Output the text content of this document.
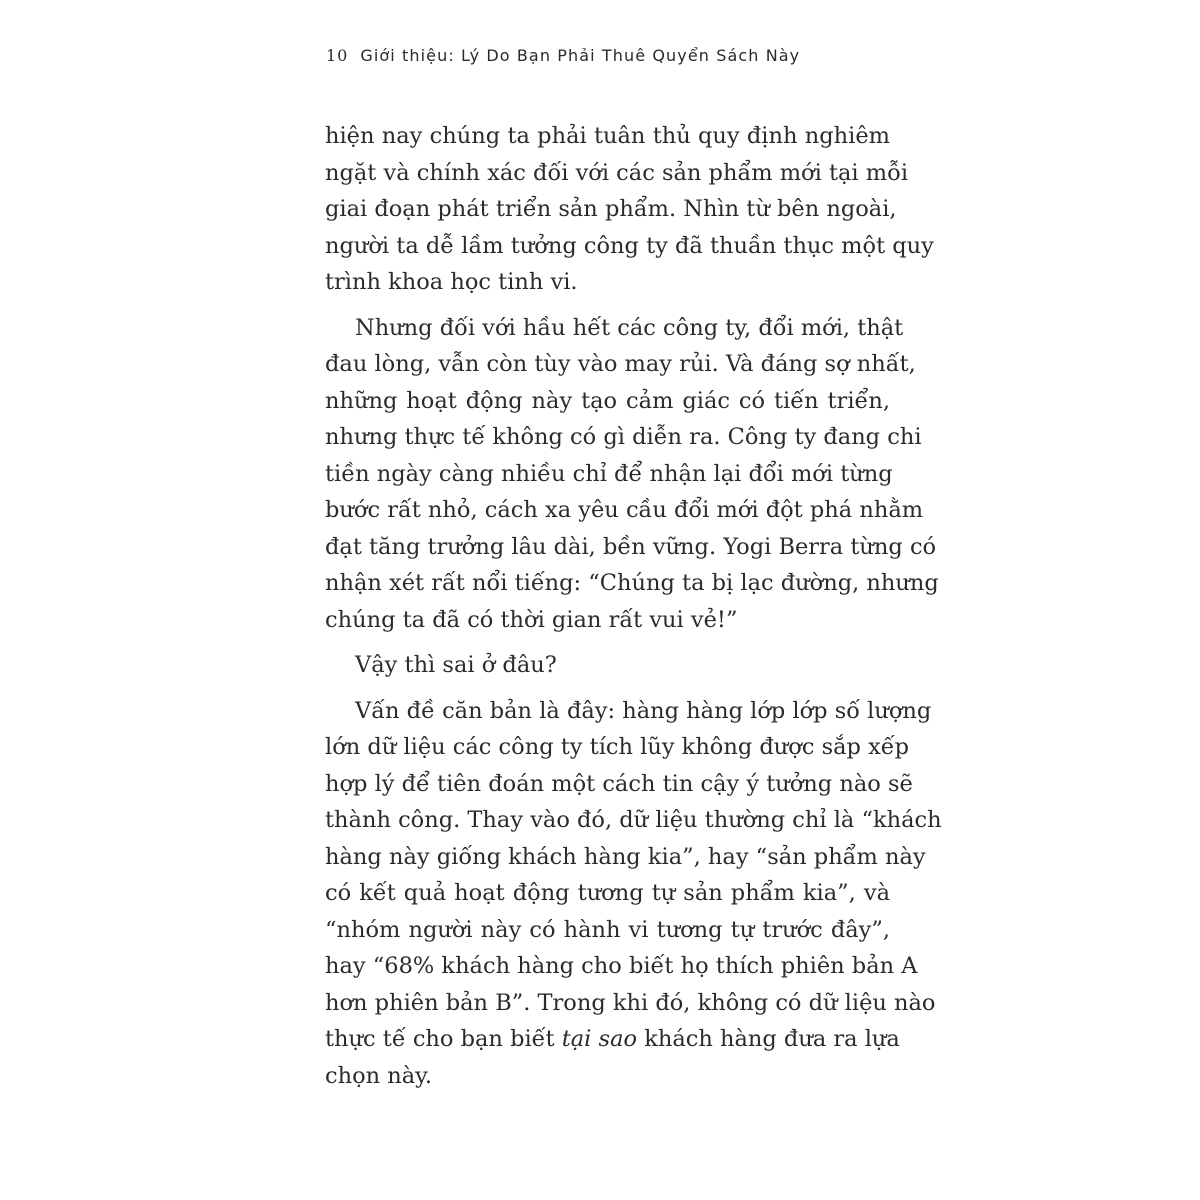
10 Giới thiệu: Lý Do Bạn Phải Thuê Quyển Sách Này
hiện nay chúng ta phải tuân thủ quy định nghiêm
ngặt và chính xác đối với các sản phẩm mới tại mỗi
giai đoạn phát triển sản phẩm. Nhìn từ bên ngoài,
người ta dễ lầm tưởng công ty đã thuần thục một quy
trình khoa học tinh vi.
Nhưng đối với hầu hết các công ty, đổi mới, thật
đau lòng, vẫn còn tùy vào may rủi. Và đáng sợ nhất,
những hoạt động này tạo cảm giác có tiến triển,
nhưng thực tế không có gì diễn ra. Công ty đang chi
tiền ngày càng nhiều chỉ để nhận lại đổi mới từng
bước rất nhỏ, cách xa yêu cầu đổi mới đột phá nhằm
đạt tăng trưởng lâu dài, bền vững. Yogi Berra từng có
nhận xét rất nổi tiếng: “Chúng ta bị lạc đường, nhưng
chúng ta đã có thời gian rất vui vẻ!”
Vậy thì sai ở đâu?
Vấn đề căn bản là đây: hàng hàng lớp lớp số lượng
lớn dữ liệu các công ty tích lũy không được sắp xếp
hợp lý để tiên đoán một cách tin cậy ý tưởng nào sẽ
thành công. Thay vào đó, dữ liệu thường chỉ là “khách
hàng này giống khách hàng kia”, hay “sản phẩm này
có kết quả hoạt động tương tự sản phẩm kia”, và
“nhóm người này có hành vi tương tự trước đây”,
hay “68% khách hàng cho biết họ thích phiên bản A
hơn phiên bản B”. Trong khi đó, không có dữ liệu nào
thực tế cho bạn biết tại sao khách hàng đưa ra lựa
chọn này.
